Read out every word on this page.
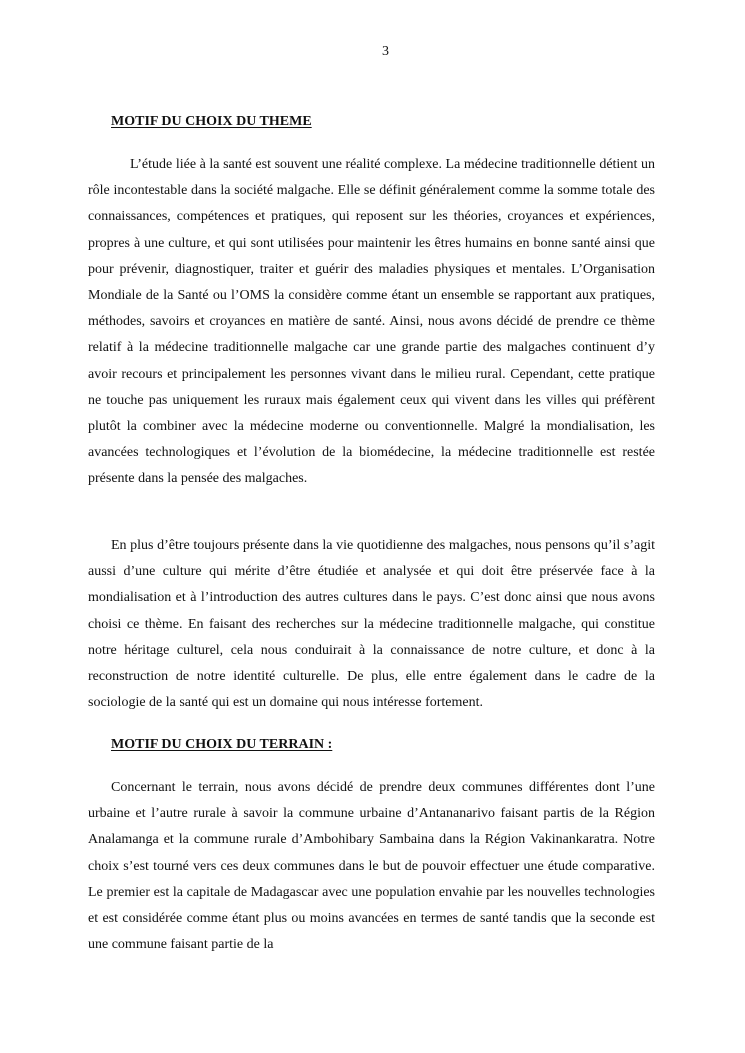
3
MOTIF DU CHOIX DU THEME

L’étude liée à la santé est souvent une réalité complexe. La médecine traditionnelle détient un rôle incontestable dans la société malgache. Elle se définit généralement comme la somme totale des connaissances, compétences et pratiques, qui reposent sur les théories, croyances et expériences, propres à une culture, et qui sont utilisées pour maintenir les êtres humains en bonne santé ainsi que pour prévenir, diagnostiquer, traiter et guérir des maladies physiques et mentales. L’Organisation Mondiale de la Santé ou l’OMS la considère comme étant un ensemble se rapportant aux pratiques, méthodes, savoirs et croyances en matière de santé. Ainsi, nous avons décidé de prendre ce thème relatif à la médecine traditionnelle malgache car une grande partie des malgaches continuent d’y avoir recours et principalement les personnes vivant dans le milieu rural. Cependant, cette pratique ne touche pas uniquement les ruraux mais également ceux qui vivent dans les villes qui préfèrent plutôt la combiner avec la médecine moderne ou conventionnelle. Malgré la mondialisation, les avancées technologiques et l’évolution de la biomédecine, la médecine traditionnelle est restée présente dans la pensée des malgaches.

En plus d’être toujours présente dans la vie quotidienne des malgaches, nous pensons qu’il s’agit aussi d’une culture qui mérite d’être étudiée et analysée et qui doit être préservée face à la mondialisation et à l’introduction des autres cultures dans le pays. C’est donc ainsi que nous avons choisi ce thème. En faisant des recherches sur la médecine traditionnelle malgache, qui constitue notre héritage culturel, cela nous conduirait à la connaissance de notre culture, et donc à la reconstruction de notre identité culturelle. De plus, elle entre également dans le cadre de la sociologie de la santé qui est un domaine qui nous intéresse fortement.

MOTIF DU CHOIX DU TERRAIN :

Concernant le terrain, nous avons décidé de prendre deux communes différentes dont l’une urbaine et l’autre rurale à savoir la commune urbaine d’Antananarivo faisant partis de la Région Analamanga et la commune rurale d’Ambohibary Sambaina dans la Région Vakinankaratra. Notre choix s’est tourné vers ces deux communes dans le but de pouvoir effectuer une étude comparative. Le premier est la capitale de Madagascar avec une population envahie par les nouvelles technologies et est considérée comme étant plus ou moins avancées en termes de santé tandis que la seconde est une commune faisant partie de la
